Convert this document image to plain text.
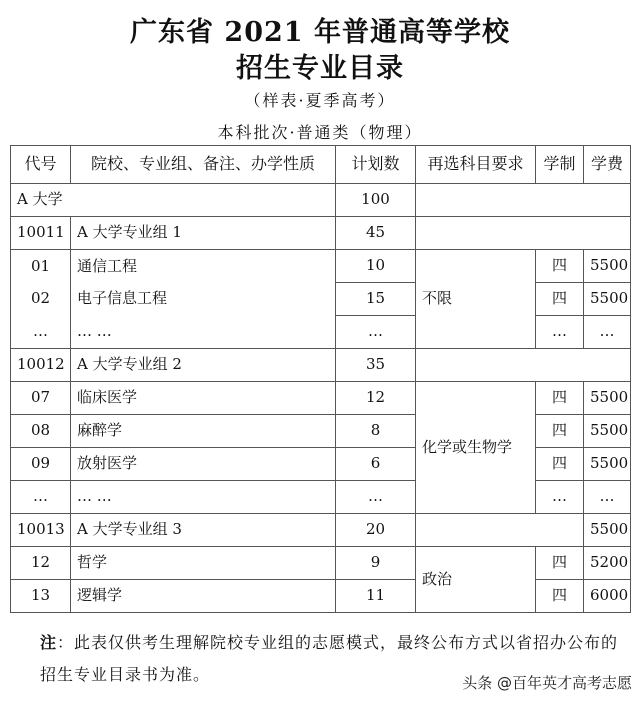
广东省 2021 年普通高等学校
招生专业目录
（样表·夏季高考）
本科批次·普通类（物理）
代号	院校、专业组、备注、办学性质	计划数	再选科目要求	学制	学费
A 大学		100			
10011	A 大学专业组 1	45			
01	通信工程	10	不限	四	5500
02	电子信息工程	15		四	5500
…	… …	…		…	…
10012	A 大学专业组 2	35			
07	临床医学	12	化学或生物学	四	5500
08	麻醉学	8		四	5500
09	放射医学	6		四	5500
…	… …	…		…	…
10013	A 大学专业组 3	20			5500
12	哲学	9	政治	四	5200
13	逻辑学	11		四	6000
注：此表仅供考生理解院校专业组的志愿模式，最终公布方式以省招办公布的招生专业目录书为准。	头条 @百年英才高考志愿
